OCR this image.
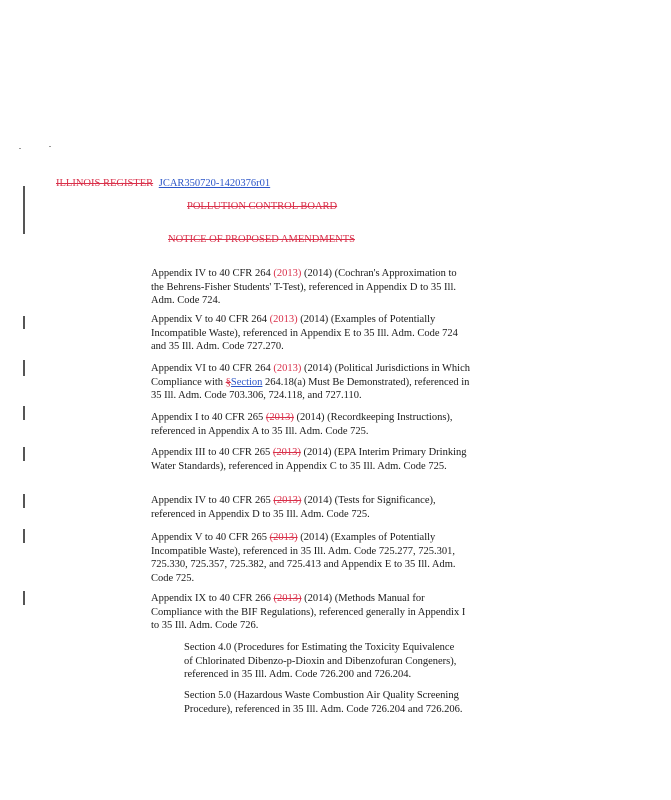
ILLINOIS REGISTER JCAR350720-1420376r01
POLLUTION CONTROL BOARD
NOTICE OF PROPOSED AMENDMENTS
Appendix IV to 40 CFR 264 (2013) (2014) (Cochran's Approximation to the Behrens-Fisher Students' T-Test), referenced in Appendix D to 35 Ill. Adm. Code 724.
Appendix V to 40 CFR 264 (2013) (2014) (Examples of Potentially Incompatible Waste), referenced in Appendix E to 35 Ill. Adm. Code 724 and 35 Ill. Adm. Code 727.270.
Appendix VI to 40 CFR 264 (2013) (2014) (Political Jurisdictions in Which Compliance with §Section 264.18(a) Must Be Demonstrated), referenced in 35 Ill. Adm. Code 703.306, 724.118, and 727.110.
Appendix I to 40 CFR 265 (2013) (2014) (Recordkeeping Instructions), referenced in Appendix A to 35 Ill. Adm. Code 725.
Appendix III to 40 CFR 265 (2013) (2014) (EPA Interim Primary Drinking Water Standards), referenced in Appendix C to 35 Ill. Adm. Code 725.
Appendix IV to 40 CFR 265 (2013) (2014) (Tests for Significance), referenced in Appendix D to 35 Ill. Adm. Code 725.
Appendix V to 40 CFR 265 (2013) (2014) (Examples of Potentially Incompatible Waste), referenced in 35 Ill. Adm. Code 725.277, 725.301, 725.330, 725.357, 725.382, and 725.413 and Appendix E to 35 Ill. Adm. Code 725.
Appendix IX to 40 CFR 266 (2013) (2014) (Methods Manual for Compliance with the BIF Regulations), referenced generally in Appendix I to 35 Ill. Adm. Code 726.
Section 4.0 (Procedures for Estimating the Toxicity Equivalence of Chlorinated Dibenzo-p-Dioxin and Dibenzofuran Congeners), referenced in 35 Ill. Adm. Code 726.200 and 726.204.
Section 5.0 (Hazardous Waste Combustion Air Quality Screening Procedure), referenced in 35 Ill. Adm. Code 726.204 and 726.206.
